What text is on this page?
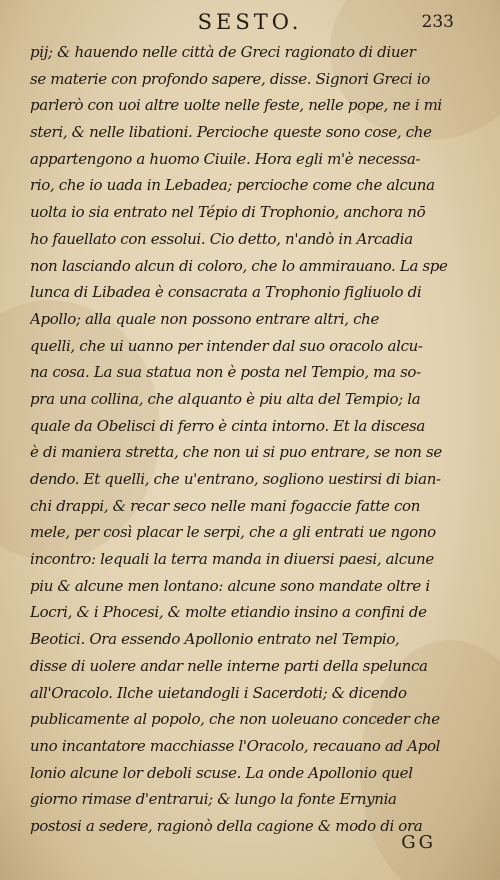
SESTO.	233
pij; & hauendo nelle città de Greci ragionato di diuer
se materie con profondo sapere, disse. Signori Greci io
parlerò con uoi altre uolte nelle feste, nelle pope, ne i mi
steri, & nelle libationi. Percioche queste sono cose, che
appartengono a huomo Ciuile. Hora egli m'è necessa-
rio, che io uada in Lebadea; percioche come che alcuna
uolta io sia entrato nel Tépio di Trophonio, anchora nō
ho fauellato con essolui. Cio detto, n'andò in Arcadia
non lasciando alcun di coloro, che lo ammirauano. La spe
lunca di Libadea è consacrata a Trophonio figliuolo di
Apollo; alla quale non possono entrare altri, che
quelli, che ui uanno per intender dal suo oracolo alcu-
na cosa. La sua statua non è posta nel Tempio, ma so-
pra una collina, che alquanto è piu alta del Tempio; la
quale da Obelisci di ferro è cinta intorno. Et la discesa
è di maniera stretta, che non ui si puo entrare, se non se
dendo. Et quelli, che u'entrano, sogliono uestirsi di bian-
chi drappi, & recar seco nelle mani fogaccie fatte con
mele, per così placar le serpi, che a gli entrati ue ngono
incontro: lequali la terra manda in diuersi paesi, alcune
piu & alcune men lontano: alcune sono mandate oltre i
Locri, & i Phocesi, & molte etiandio insino a confini de
Beotici. Ora essendo Apollonio entrato nel Tempio,
disse di uolere andar nelle interne parti della spelunca
all'Oracolo. Ilche uietandogli i Sacerdoti; & dicendo
publicamente al popolo, che non uoleuano conceder che
uno incantatore macchiasse l'Oracolo, recauano ad Apol
lonio alcune lor deboli scuse. La onde Apollonio quel
giorno rimase d'entrarui; & lungo la fonte Ernynia
postosi a sedere, ragionò della cagione & modo di ora
GG
